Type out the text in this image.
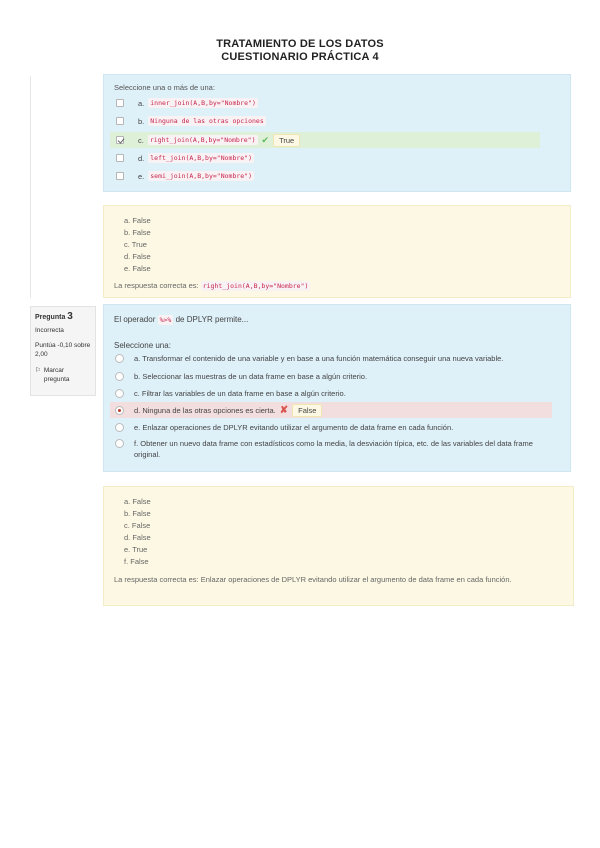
TRATAMIENTO DE LOS DATOS
CUESTIONARIO PRÁCTICA 4
Seleccione una o más de una:
a. inner_join(A,B,by="Nombre")
b. Ninguna de las otras opciones
c. right_join(A,B,by="Nombre") ✔	True
d. left_join(A,B,by="Nombre")
e. semi_join(A,B,by="Nombre")
a. False
b. False
c. True
d. False
e. False
La respuesta correcta es: right_join(A,B,by="Nombre")
Pregunta 3
Incorrecta
Puntúa -0,10 sobre 2,00
⚐ Marcar pregunta
El operador %>% de DPLYR permite...
Seleccione una:
a. Transformar el contenido de una variable y en base a una función matemática conseguir una nueva variable.
b. Seleccionar las muestras de un data frame en base a algún criterio.
c. Filtrar las variables de un data frame en base a algún criterio.
d. Ninguna de las otras opciones es cierta. ✘	False
e. Enlazar operaciones de DPLYR evitando utilizar el argumento de data frame en cada función.
f. Obtener un nuevo data frame con estadísticos como la media, la desviación típica, etc. de las variables del data frame original.
a. False
b. False
c. False
d. False
e. True
f. False
La respuesta correcta es: Enlazar operaciones de DPLYR evitando utilizar el argumento de data frame en cada función.
